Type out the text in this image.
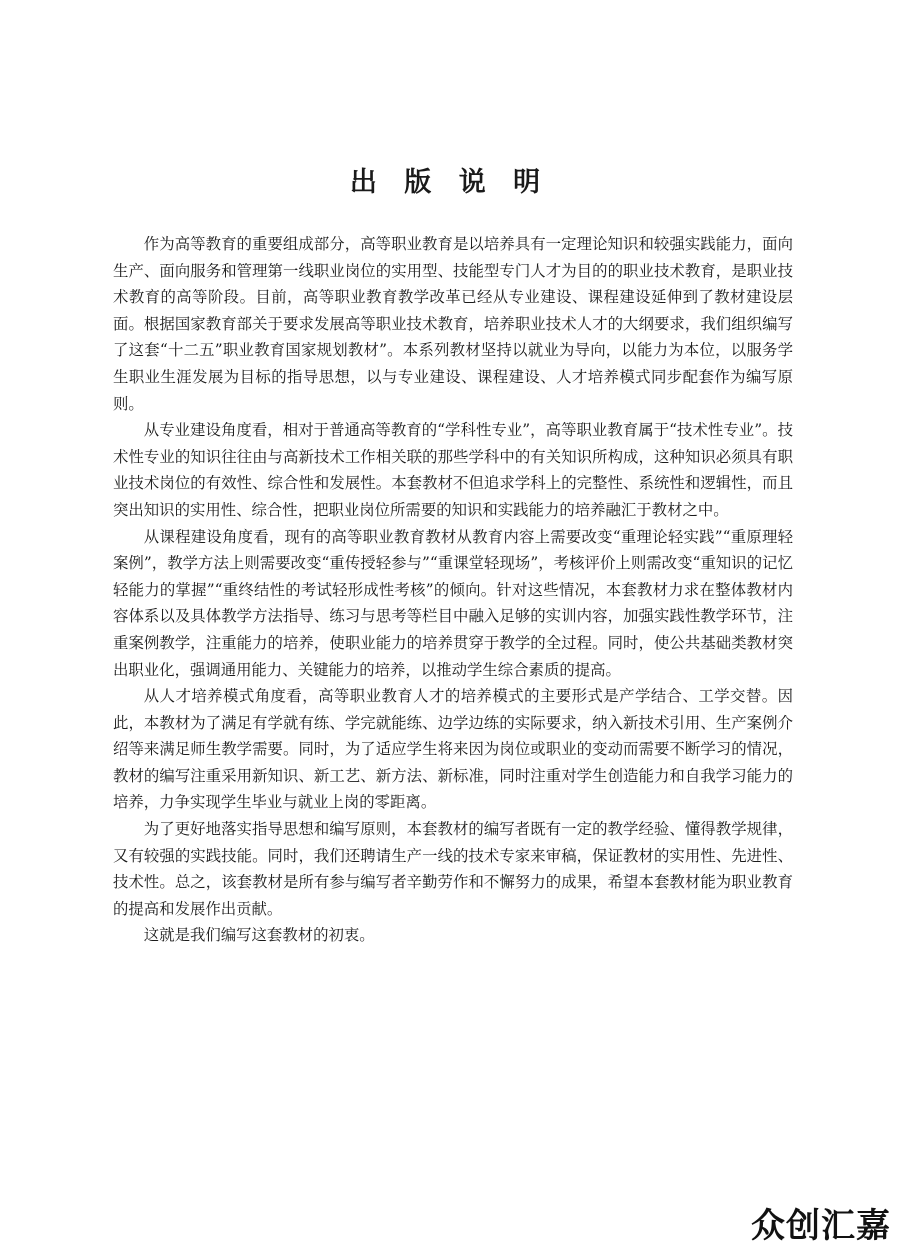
出 版 说 明

作为高等教育的重要组成部分，高等职业教育是以培养具有一定理论知识和较强实践能力，面向生产、面向服务和管理第一线职业岗位的实用型、技能型专门人才为目的的职业技术教育，是职业技术教育的高等阶段。目前，高等职业教育教学改革已经从专业建设、课程建设延伸到了教材建设层面。根据国家教育部关于要求发展高等职业技术教育，培养职业技术人才的大纲要求，我们组织编写了这套“十二五”职业教育国家规划教材”。本系列教材坚持以就业为导向，以能力为本位，以服务学生职业生涯发展为目标的指导思想，以与专业建设、课程建设、人才培养模式同步配套作为编写原则。

从专业建设角度看，相对于普通高等教育的“学科性专业”，高等职业教育属于“技术性专业”。技术性专业的知识往往由与高新技术工作相关联的那些学科中的有关知识所构成，这种知识必须具有职业技术岗位的有效性、综合性和发展性。本套教材不但追求学科上的完整性、系统性和逻辑性，而且突出知识的实用性、综合性，把职业岗位所需要的知识和实践能力的培养融汇于教材之中。

从课程建设角度看，现有的高等职业教育教材从教育内容上需要改变“重理论轻实践”“重原理轻案例”，教学方法上则需要改变“重传授轻参与”“重课堂轻现场”，考核评价上则需改变“重知识的记忆轻能力的掌握”“重终结性的考试轻形成性考核”的倾向。针对这些情况，本套教材力求在整体教材内容体系以及具体教学方法指导、练习与思考等栏目中融入足够的实训内容，加强实践性教学环节，注重案例教学，注重能力的培养，使职业能力的培养贯穿于教学的全过程。同时，使公共基础类教材突出职业化，强调通用能力、关键能力的培养，以推动学生综合素质的提高。

从人才培养模式角度看，高等职业教育人才的培养模式的主要形式是产学结合、工学交替。因此，本教材为了满足有学就有练、学完就能练、边学边练的实际要求，纳入新技术引用、生产案例介绍等来满足师生教学需要。同时，为了适应学生将来因为岗位或职业的变动而需要不断学习的情况，教材的编写注重采用新知识、新工艺、新方法、新标准，同时注重对学生创造能力和自我学习能力的培养，力争实现学生毕业与就业上岗的零距离。

为了更好地落实指导思想和编写原则，本套教材的编写者既有一定的教学经验、懂得教学规律，又有较强的实践技能。同时，我们还聘请生产一线的技术专家来审稿，保证教材的实用性、先进性、技术性。总之，该套教材是所有参与编写者辛勤劳作和不懈努力的成果，希望本套教材能为职业教育的提高和发展作出贡献。

这就是我们编写这套教材的初衷。

众创汇嘉
